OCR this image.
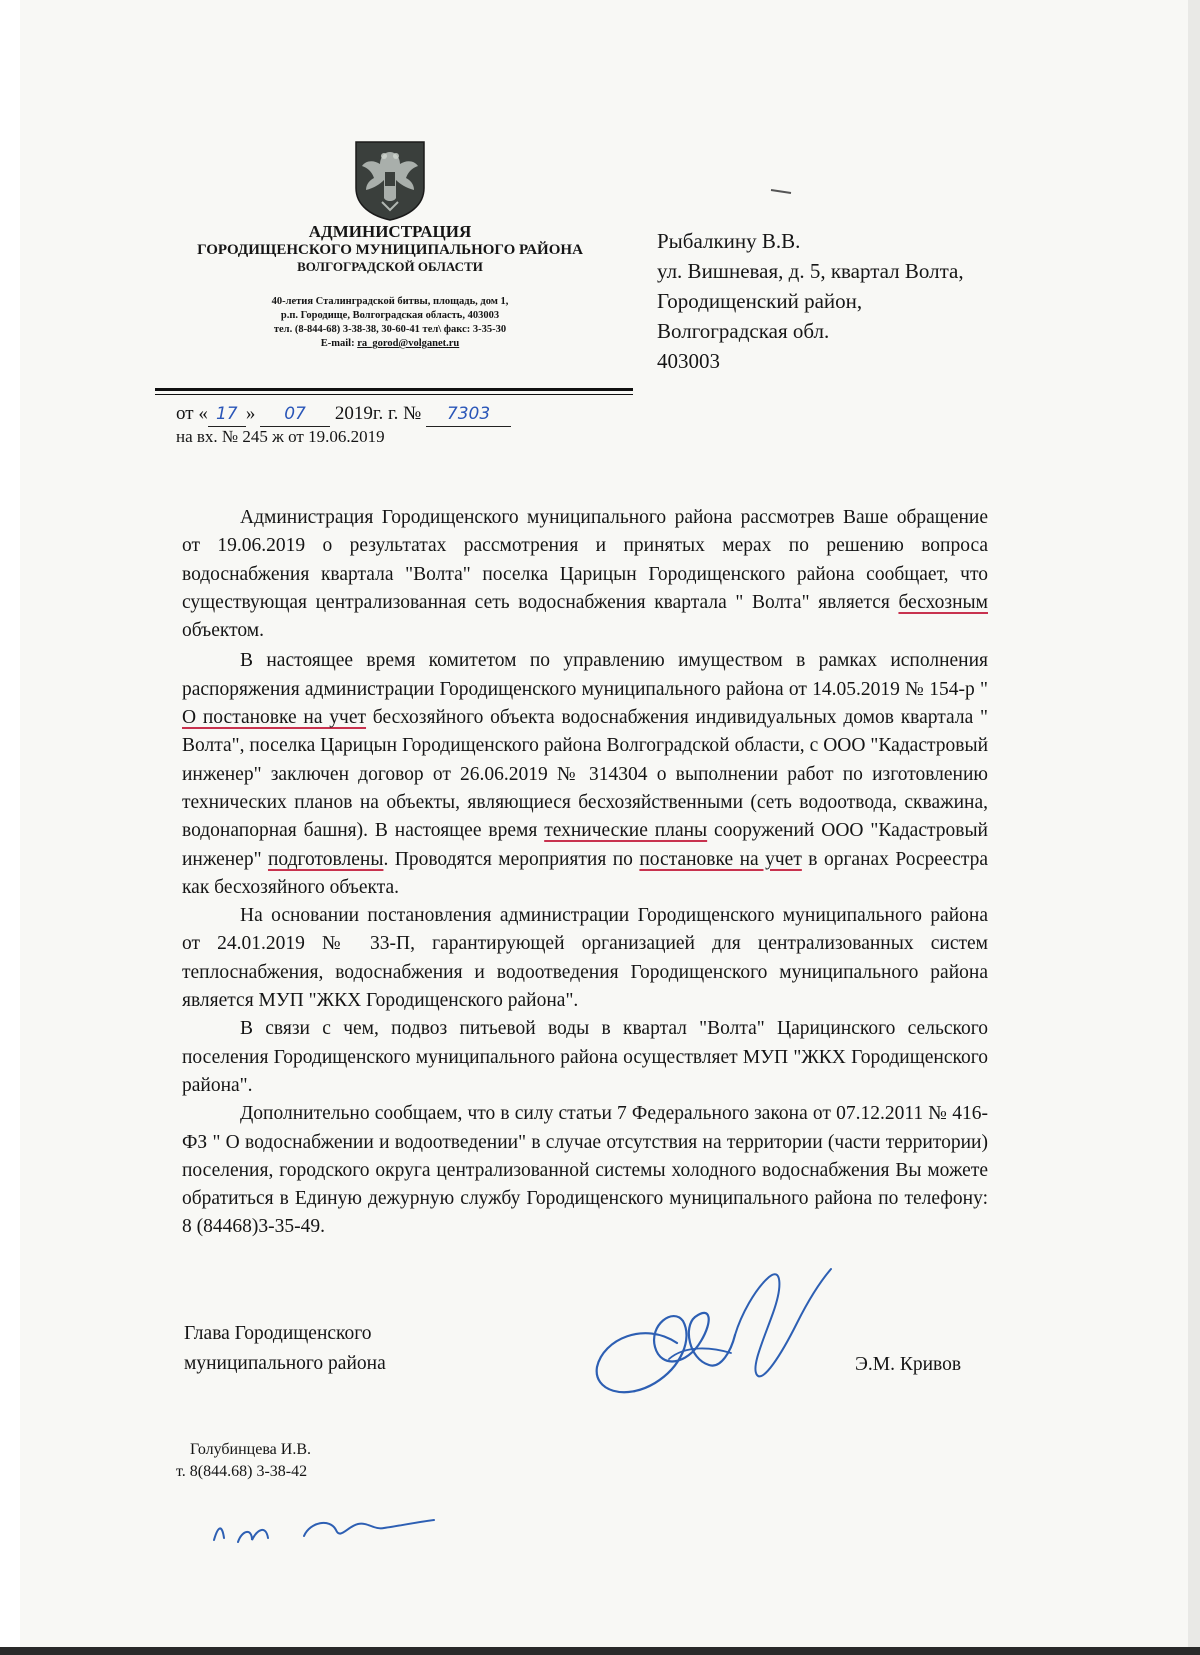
АДМИНИСТРАЦИЯ
ГОРОДИЩЕНСКОГО МУНИЦИПАЛЬНОГО РАЙОНА
ВОЛГОГРАДСКОЙ ОБЛАСТИ
40-летия Сталинградской битвы, площадь, дом 1,
р.п. Городище, Волгоградская область, 403003
тел. (8-844-68) 3-38-38, 30-60-41 тел\ факс: 3-35-30
E-mail: ra_gorod@volganet.ru
Рыбалкину В.В.
ул. Вишневая, д. 5, квартал Волта,
Городищенский район,
Волгоградская обл.
403003
от « 17 » 07 2019г. г. № 7303
на вх. № 245 ж от 19.06.2019

Администрация Городищенского муниципального района рассмотрев Ваше обращение от 19.06.2019 о результатах рассмотрения и принятых мерах по решению вопроса водоснабжения квартала "Волта" поселка Царицын Городищенского района сообщает, что существующая централизованная сеть водоснабжения квартала " Волта" является бесхозным объектом.

В настоящее время комитетом по управлению имуществом в рамках исполнения распоряжения администрации Городищенского муниципального района от 14.05.2019 № 154-р " О постановке на учет бесхозяйного объекта водоснабжения индивидуальных домов квартала " Волта", поселка Царицын Городищенского района Волгоградской области, с ООО "Кадастровый инженер" заключен договор от 26.06.2019 № 314304 о выполнении работ по изготовлению технических планов на объекты, являющиеся бесхозяйственными (сеть водоотвода, скважина, водонапорная башня). В настоящее время технические планы сооружений ООО "Кадастровый инженер" подготовлены. Проводятся мероприятия по постановке на учет в органах Росреестра как бесхозяйного объекта.

На основании постановления администрации Городищенского муниципального района от 24.01.2019 № 33-П, гарантирующей организацией для централизованных систем теплоснабжения, водоснабжения и водоотведения Городищенского муниципального района является МУП "ЖКХ Городищенского района".

В связи с чем, подвоз питьевой воды в квартал "Волта" Царицинского сельского поселения Городищенского муниципального района осуществляет МУП "ЖКХ Городищенского района".

Дополнительно сообщаем, что в силу статьи 7 Федерального закона от 07.12.2011 № 416-ФЗ " О водоснабжении и водоотведении" в случае отсутствия на территории (части территории) поселения, городского округа централизованной системы холодного водоснабжения Вы можете обратиться в Единую дежурную службу Городищенского муниципального района по телефону: 8 (84468)3-35-49.

Глава Городищенского
муниципального района	Э.М. Кривов
Голубинцева И.В.
т. 8(844.68) 3-38-42
